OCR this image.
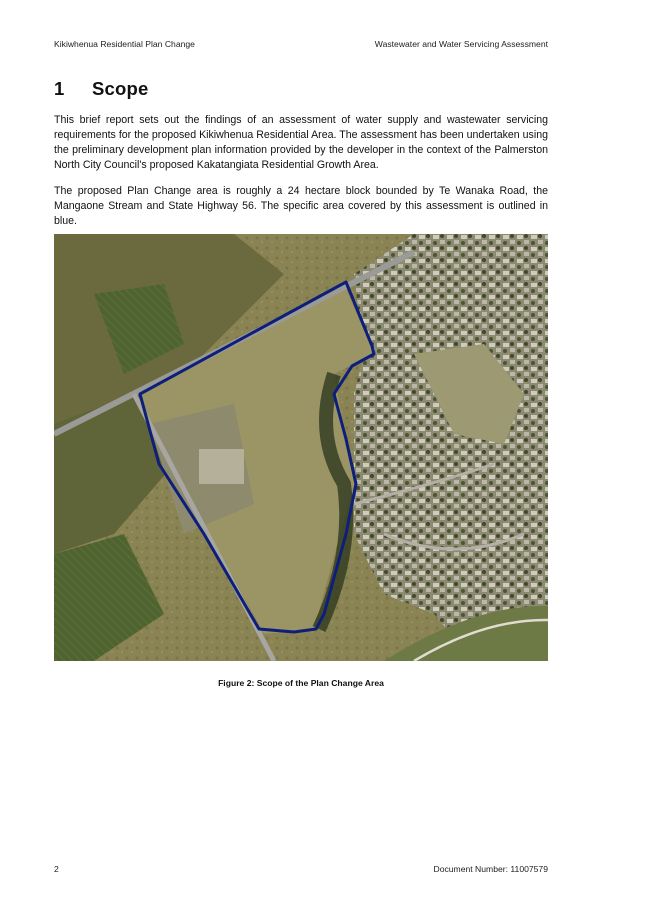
Kikiwhenua Residential Plan Change	Wastewater and Water Servicing Assessment
1 Scope

This brief report sets out the findings of an assessment of water supply and wastewater servicing requirements for the proposed Kikiwhenua Residential Area. The assessment has been undertaken using the preliminary development plan information provided by the developer in the context of the Palmerston North City Council's proposed Kakatangiata Residential Growth Area.

The proposed Plan Change area is roughly a 24 hectare block bounded by Te Wanaka Road, the Mangaone Stream and State Highway 56. The specific area covered by this assessment is outlined in blue.

Figure 2: Scope of the Plan Change Area
2	Document Number: 11007579
